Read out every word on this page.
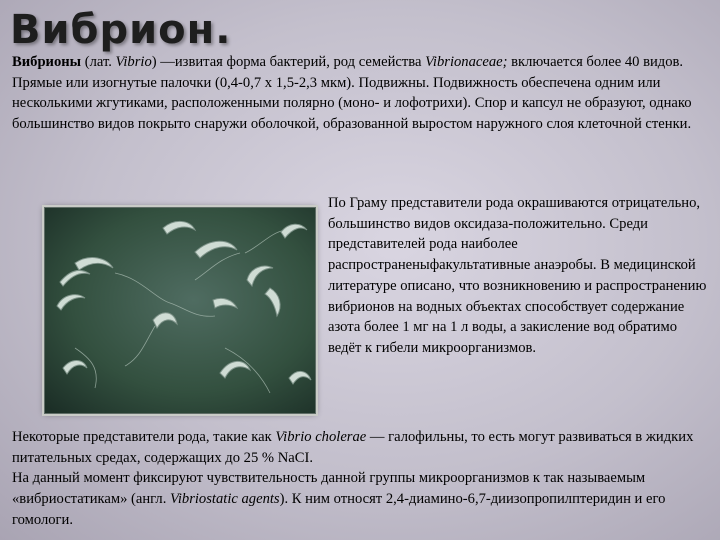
Вибрион.

Вибрионы (лат. Vibrio) —извитая форма бактерий, род семейства Vibrionaceae; включается более 40 видов.

Прямые или изогнутые палочки (0,4-0,7 х 1,5-2,3 мкм). Подвижны. Подвижность обеспечена одним или несколькими жгутиками, расположенными полярно (моно- и лофотрихи). Спор и капсул не образуют, однако большинство видов покрыто снаружи оболочкой, образованной выростом наружного слоя клеточной стенки.

По Граму представители рода окрашиваются отрицательно, большинство видов оксидаза-положительно. Среди представителей рода наиболее распространеныфакультативные анаэробы. В медицинской литературе описано, что возникновению и распространению вибрионов на водных объектах способствует содержание азота более 1 мг на 1 л воды, а закисление вод обратимо ведёт к гибели микроорганизмов.

Некоторые представители рода, такие как Vibrio cholerae — галофильны, то есть могут развиваться в жидких питательных средах, содержащих до 25 % NaCI.

На данный момент фиксируют чувствительность данной группы микроорганизмов к так называемым «вибриостатикам» (англ. Vibriostatic agents). К ним относят 2,4-диамино-6,7-диизопропилптеридин и его гомологи.
